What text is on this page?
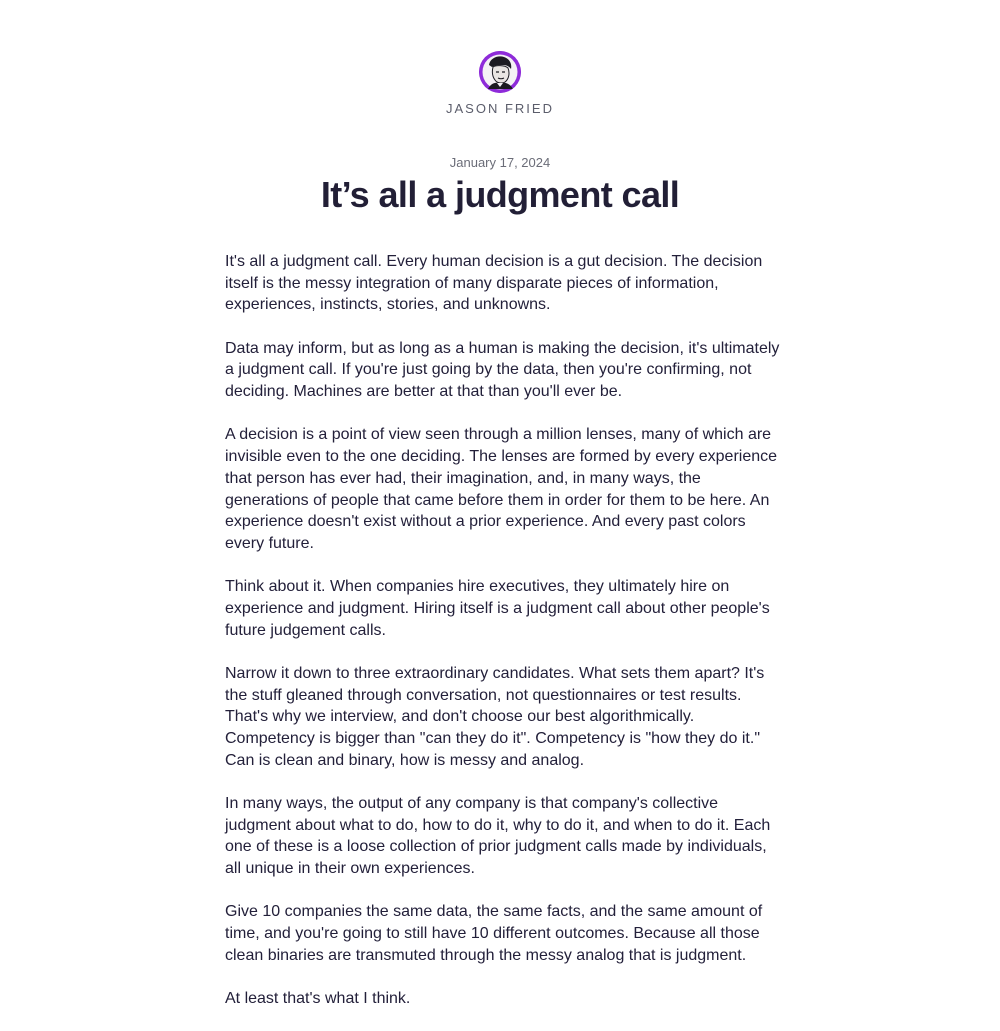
JASON FRIED
January 17, 2024
It’s all a judgment call

It's all a judgment call. Every human decision is a gut decision. The decision itself is the messy integration of many disparate pieces of information, experiences, instincts, stories, and unknowns.

Data may inform, but as long as a human is making the decision, it's ultimately a judgment call. If you're just going by the data, then you're confirming, not deciding. Machines are better at that than you'll ever be.

A decision is a point of view seen through a million lenses, many of which are invisible even to the one deciding. The lenses are formed by every experience that person has ever had, their imagination, and, in many ways, the generations of people that came before them in order for them to be here. An experience doesn't exist without a prior experience. And every past colors every future.

Think about it. When companies hire executives, they ultimately hire on experience and judgment. Hiring itself is a judgment call about other people's future judgement calls.

Narrow it down to three extraordinary candidates. What sets them apart? It's the stuff gleaned through conversation, not questionnaires or test results. That's why we interview, and don't choose our best algorithmically. Competency is bigger than "can they do it". Competency is "how they do it." Can is clean and binary, how is messy and analog.

In many ways, the output of any company is that company's collective judgment about what to do, how to do it, why to do it, and when to do it. Each one of these is a loose collection of prior judgment calls made by individuals, all unique in their own experiences.

Give 10 companies the same data, the same facts, and the same amount of time, and you're going to still have 10 different outcomes. Because all those clean binaries are transmuted through the messy analog that is judgment.

At least that's what I think.
